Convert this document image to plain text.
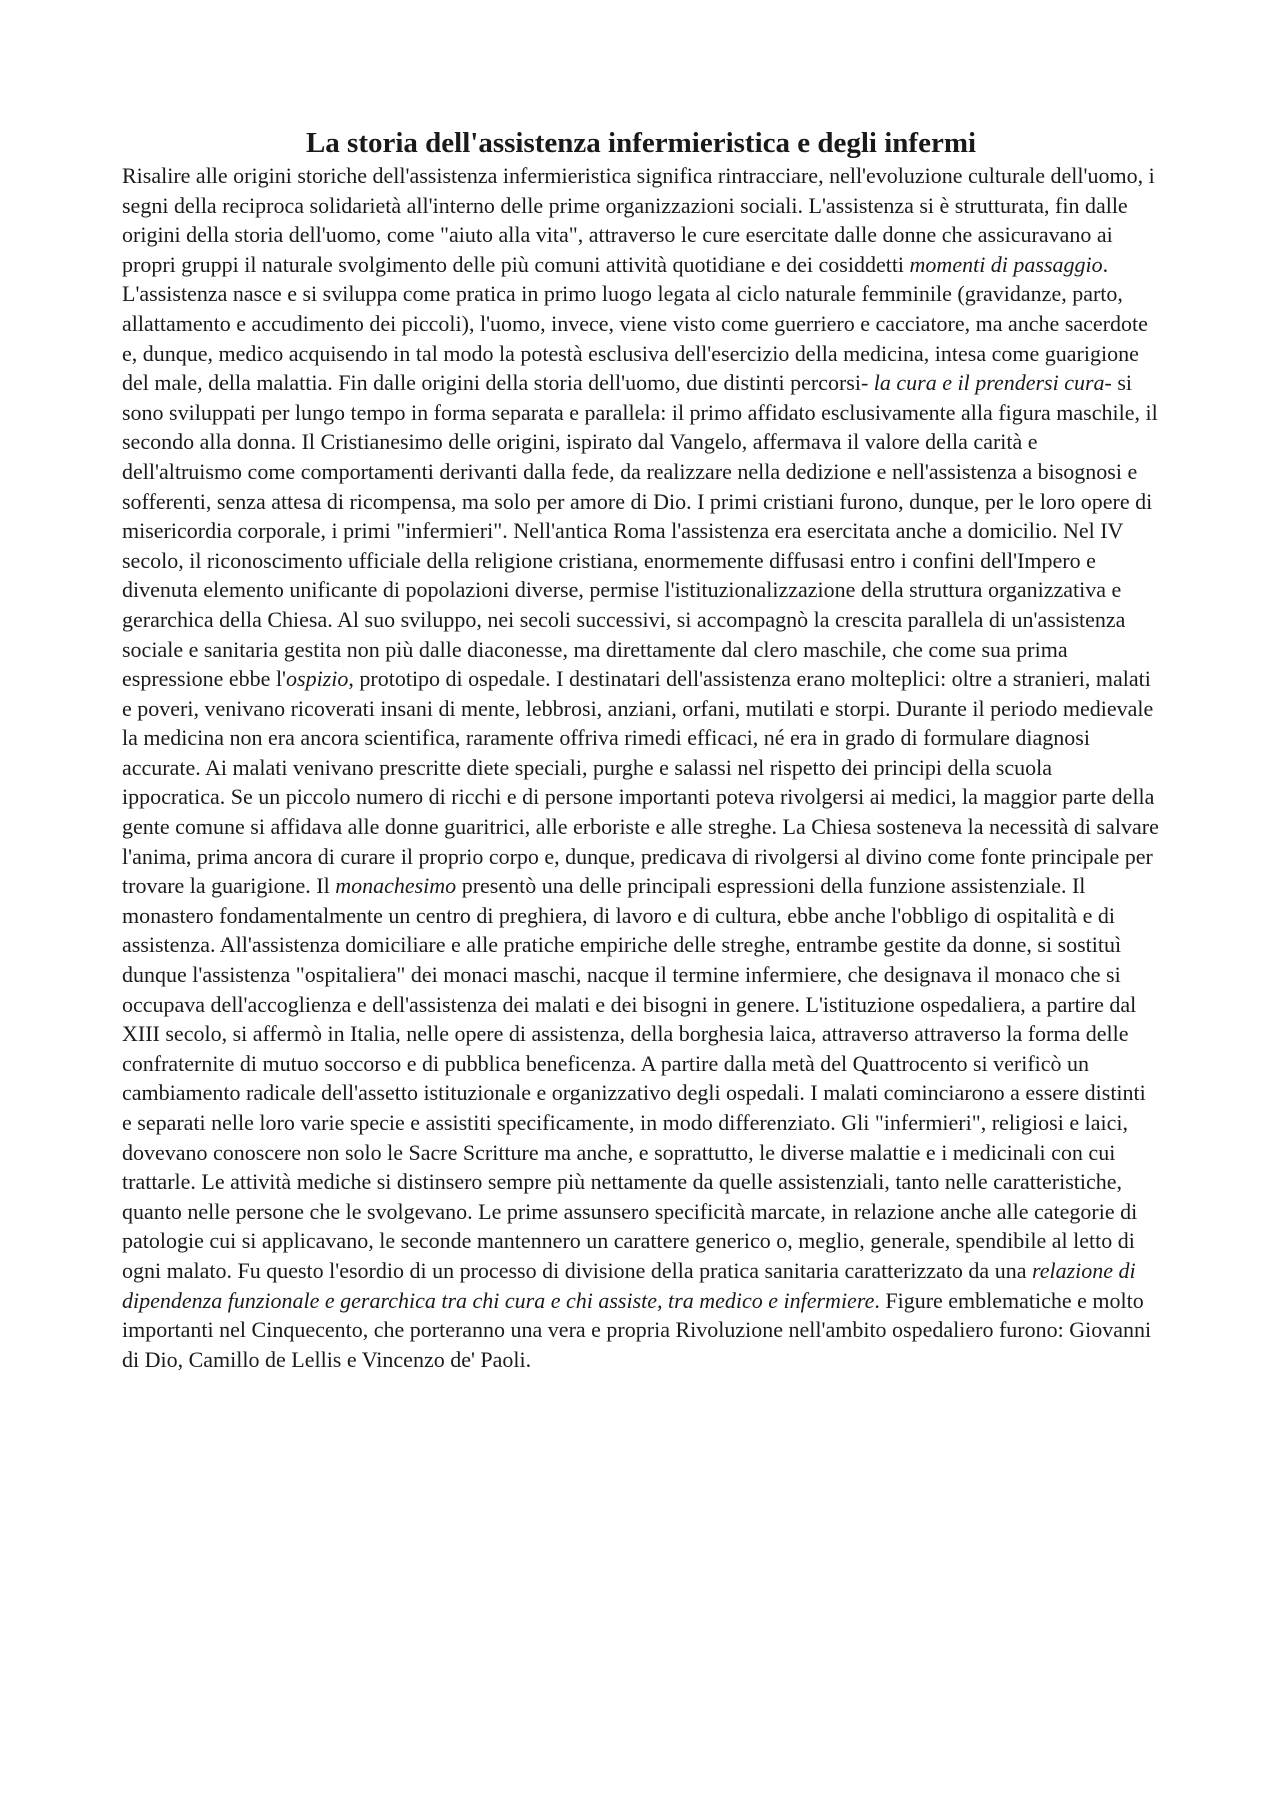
La storia dell'assistenza infermieristica e degli infermi

Risalire alle origini storiche dell'assistenza infermieristica significa rintracciare, nell'evoluzione culturale dell'uomo, i segni della reciproca solidarietà all'interno delle prime organizzazioni sociali. L'assistenza si è strutturata, fin dalle origini della storia dell'uomo, come "aiuto alla vita", attraverso le cure esercitate dalle donne che assicuravano ai propri gruppi il naturale svolgimento delle più comuni attività quotidiane e dei cosiddetti momenti di passaggio. L'assistenza nasce e si sviluppa come pratica in primo luogo legata al ciclo naturale femminile (gravidanze, parto, allattamento e accudimento dei piccoli), l'uomo, invece, viene visto come guerriero e cacciatore, ma anche sacerdote e, dunque, medico acquisendo in tal modo la potestà esclusiva dell'esercizio della medicina, intesa come guarigione del male, della malattia. Fin dalle origini della storia dell'uomo, due distinti percorsi- la cura e il prendersi cura- si sono sviluppati per lungo tempo in forma separata e parallela: il primo affidato esclusivamente alla figura maschile, il secondo alla donna. Il Cristianesimo delle origini, ispirato dal Vangelo, affermava il valore della carità e dell'altruismo come comportamenti derivanti dalla fede, da realizzare nella dedizione e nell'assistenza a bisognosi e sofferenti, senza attesa di ricompensa, ma solo per amore di Dio. I primi cristiani furono, dunque, per le loro opere di misericordia corporale, i primi "infermieri". Nell'antica Roma l'assistenza era esercitata anche a domicilio. Nel IV secolo, il riconoscimento ufficiale della religione cristiana, enormemente diffusasi entro i confini dell'Impero e divenuta elemento unificante di popolazioni diverse, permise l'istituzionalizzazione della struttura organizzativa e gerarchica della Chiesa. Al suo sviluppo, nei secoli successivi, si accompagnò la crescita parallela di un'assistenza sociale e sanitaria gestita non più dalle diaconesse, ma direttamente dal clero maschile, che come sua prima espressione ebbe l'ospizio, prototipo di ospedale. I destinatari dell'assistenza erano molteplici: oltre a stranieri, malati e poveri, venivano ricoverati insani di mente, lebbrosi, anziani, orfani, mutilati e storpi. Durante il periodo medievale la medicina non era ancora scientifica, raramente offriva rimedi efficaci, né era in grado di formulare diagnosi accurate. Ai malati venivano prescritte diete speciali, purghe e salassi nel rispetto dei principi della scuola ippocratica. Se un piccolo numero di ricchi e di persone importanti poteva rivolgersi ai medici, la maggior parte della gente comune si affidava alle donne guaritrici, alle erboriste e alle streghe. La Chiesa sosteneva la necessità di salvare l'anima, prima ancora di curare il proprio corpo e, dunque, predicava di rivolgersi al divino come fonte principale per trovare la guarigione. Il monachesimo presentò una delle principali espressioni della funzione assistenziale. Il monastero fondamentalmente un centro di preghiera, di lavoro e di cultura, ebbe anche l'obbligo di ospitalità e di assistenza. All'assistenza domiciliare e alle pratiche empiriche delle streghe, entrambe gestite da donne, si sostituì dunque l'assistenza "ospitaliera" dei monaci maschi, nacque il termine infermiere, che designava il monaco che si occupava dell'accoglienza e dell'assistenza dei malati e dei bisogni in genere. L'istituzione ospedaliera, a partire dal XIII secolo, si affermò in Italia, nelle opere di assistenza, della borghesia laica, attraverso attraverso la forma delle confraternite di mutuo soccorso e di pubblica beneficenza. A partire dalla metà del Quattrocento si verificò un cambiamento radicale dell'assetto istituzionale e organizzativo degli ospedali. I malati cominciarono a essere distinti e separati nelle loro varie specie e assistiti specificamente, in modo differenziato. Gli "infermieri", religiosi e laici, dovevano conoscere non solo le Sacre Scritture ma anche, e soprattutto, le diverse malattie e i medicinali con cui trattarle. Le attività mediche si distinsero sempre più nettamente da quelle assistenziali, tanto nelle caratteristiche, quanto nelle persone che le svolgevano. Le prime assunsero specificità marcate, in relazione anche alle categorie di patologie cui si applicavano, le seconde mantennero un carattere generico o, meglio, generale, spendibile al letto di ogni malato. Fu questo l'esordio di un processo di divisione della pratica sanitaria caratterizzato da una relazione di dipendenza funzionale e gerarchica tra chi cura e chi assiste, tra medico e infermiere. Figure emblematiche e molto importanti nel Cinquecento, che porteranno una vera e propria Rivoluzione nell'ambito ospedaliero furono: Giovanni di Dio, Camillo de Lellis e Vincenzo de' Paoli.
